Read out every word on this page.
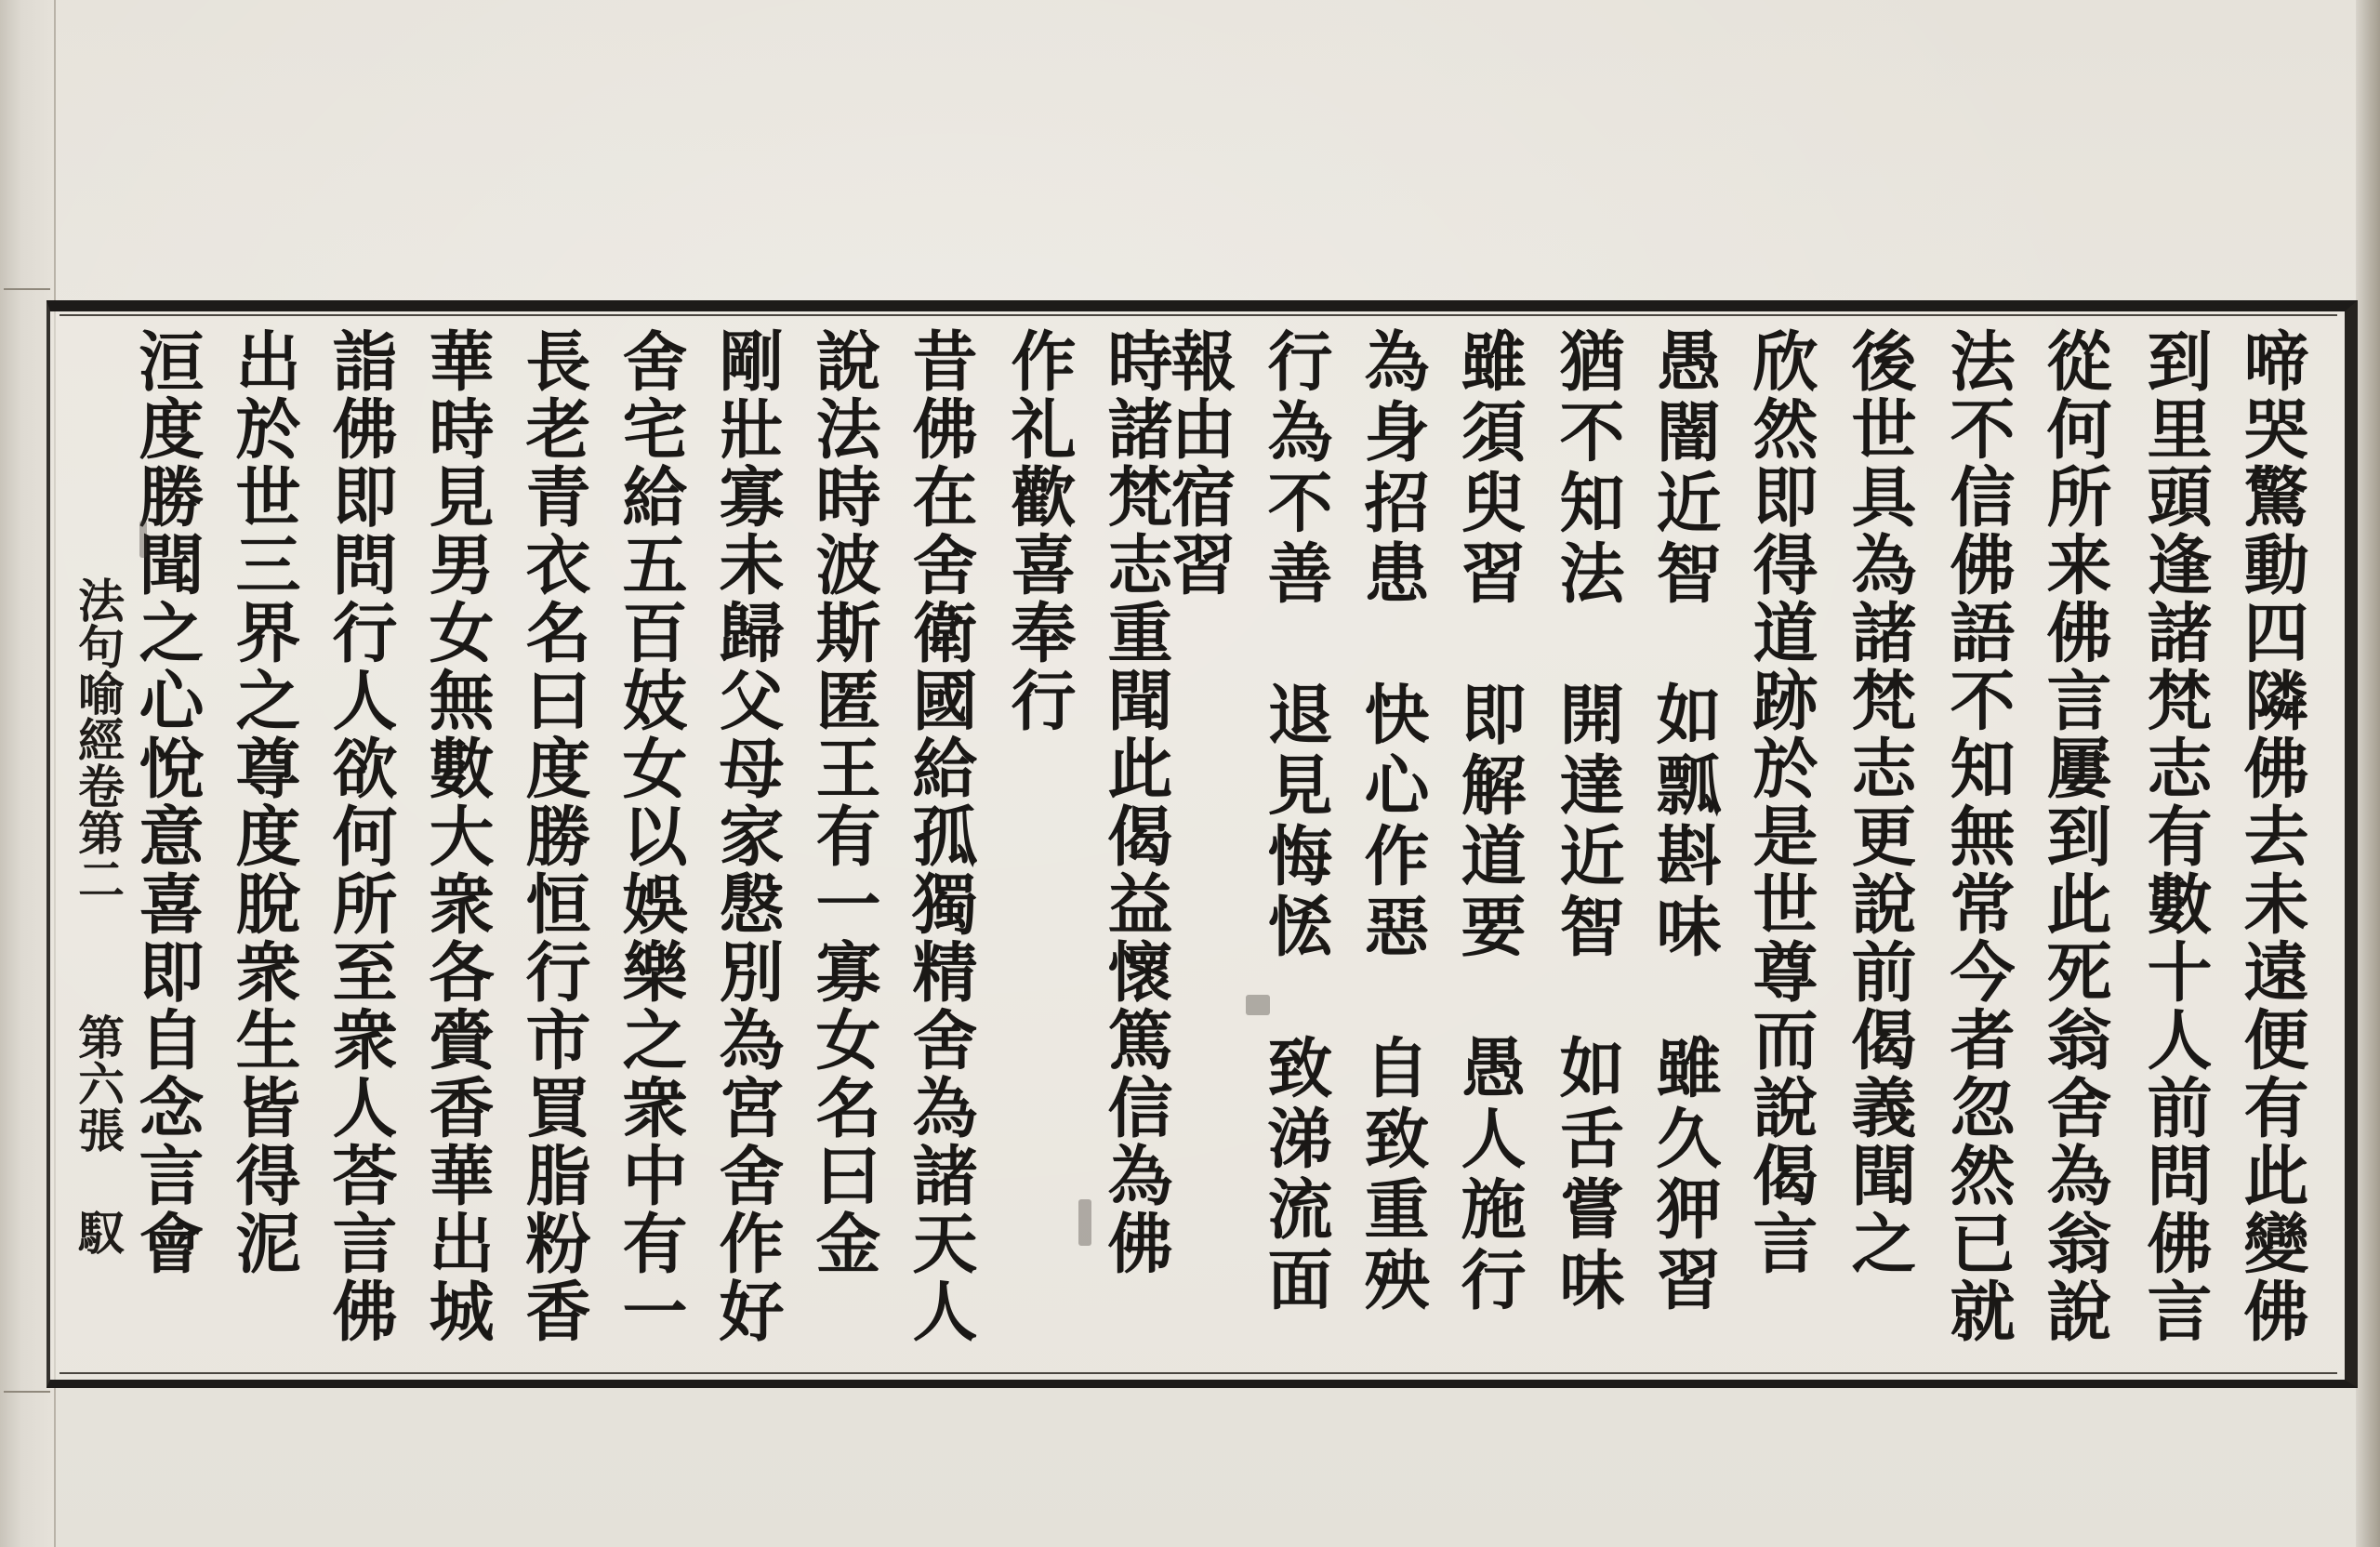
啼哭驚動四隣佛去未遠便有此變佛
到里頭逢諸梵志有數十人前問佛言
從何所来佛言屢到此死翁舍為翁說
法不信佛語不知無常今者忽然已就
後世具為諸梵志更說前偈義聞之
欣然即得道跡於是世尊而說偈言
愚闇近智　如瓢斟味　雖久狎習
猶不知法　開達近智　如舌嘗味
雖須臾習　即解道要　愚人施行
為身招患　快心作惡　自致重殃
行為不善　退見悔恡　致涕流面
報由宿習
時諸梵志重聞此偈益懷篤信為佛
作礼歡喜奉行
昔佛在舍衛國給孤獨精舍為諸天人
說法時波斯匿王有一寡女名曰金
剛壯寡未歸父母家慇別為宮舍作好
舍宅給五百妓女以娛樂之衆中有一
長老青衣名曰度勝恒行市買脂粉香
華時見男女無數大衆各賫香華出城
詣佛即問行人欲何所至衆人荅言佛
出於世三界之尊度脫衆生皆得泥
洹度勝聞之心悅意喜即自念言會
法句喻經卷第二
第六張
馭
